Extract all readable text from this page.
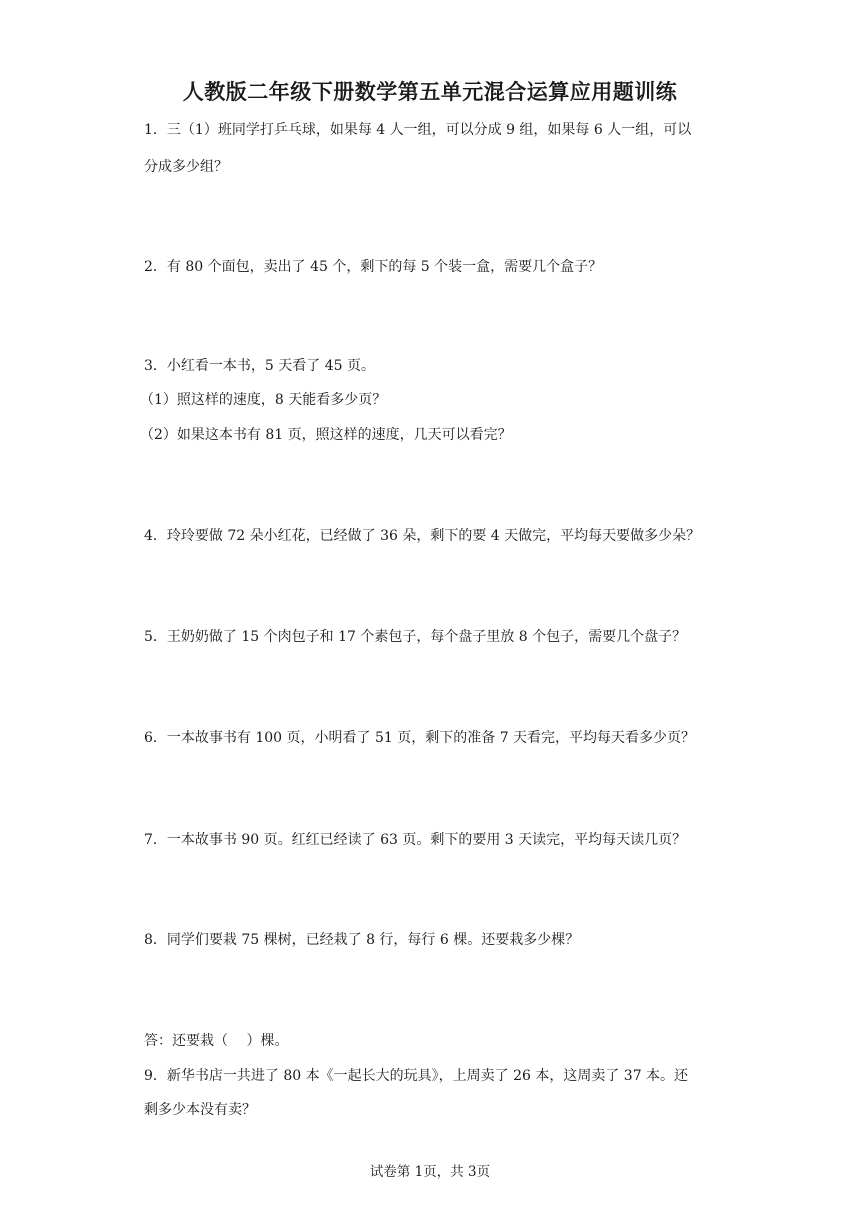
人教版二年级下册数学第五单元混合运算应用题训练
1．三（1）班同学打乒乓球，如果每 4 人一组，可以分成 9 组，如果每 6 人一组，可以
分成多少组？
2．有 80 个面包，卖出了 45 个，剩下的每 5 个装一盒，需要几个盒子？
3．小红看一本书，5 天看了 45 页。
（1）照这样的速度，8 天能看多少页？
（2）如果这本书有 81 页，照这样的速度，几天可以看完？
4．玲玲要做 72 朵小红花，已经做了 36 朵，剩下的要 4 天做完，平均每天要做多少朵？
5．王奶奶做了 15 个肉包子和 17 个素包子，每个盘子里放 8 个包子，需要几个盘子？
6．一本故事书有 100 页，小明看了 51 页，剩下的准备 7 天看完，平均每天看多少页？
7．一本故事书 90 页。红红已经读了 63 页。剩下的要用 3 天读完，平均每天读几页？
8．同学们要栽 75 棵树，已经栽了 8 行，每行 6 棵。还要栽多少棵？
答：还要栽（　 ）棵。
9．新华书店一共进了 80 本《一起长大的玩具》，上周卖了 26 本，这周卖了 37 本。还
剩多少本没有卖？
试卷第 1页，共 3页
